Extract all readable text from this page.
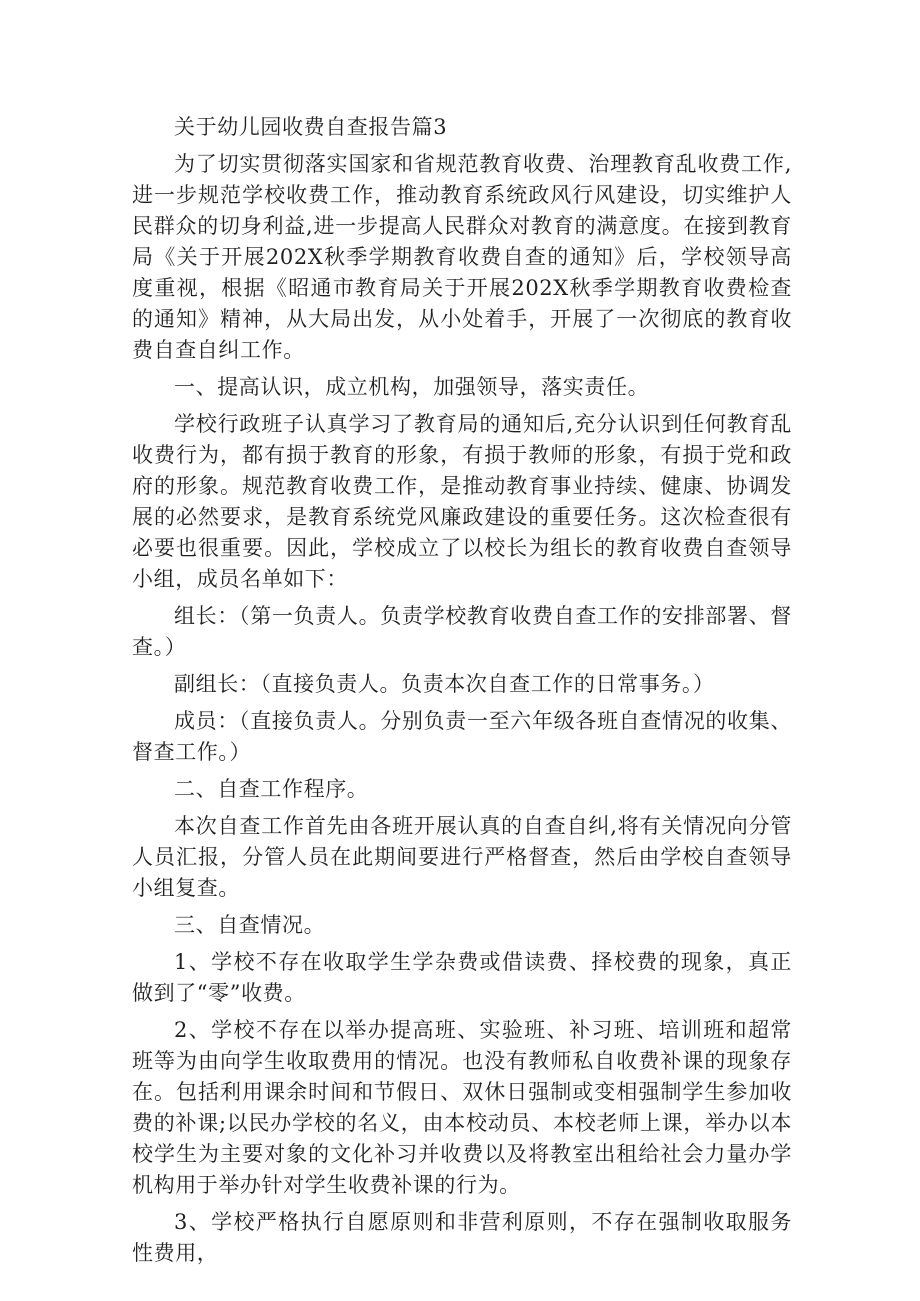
关于幼儿园收费自查报告篇3

为了切实贯彻落实国家和省规范教育收费、治理教育乱收费工作,进一步规范学校收费工作，推动教育系统政风行风建设，切实维护人民群众的切身利益,进一步提高人民群众对教育的满意度。在接到教育局《关于开展202X秋季学期教育收费自查的通知》后，学校领导高度重视，根据《昭通市教育局关于开展202X秋季学期教育收费检查的通知》精神，从大局出发，从小处着手，开展了一次彻底的教育收费自查自纠工作。

一、提高认识，成立机构，加强领导，落实责任。

学校行政班子认真学习了教育局的通知后,充分认识到任何教育乱收费行为，都有损于教育的形象，有损于教师的形象，有损于党和政府的形象。规范教育收费工作，是推动教育事业持续、健康、协调发展的必然要求，是教育系统党风廉政建设的重要任务。这次检查很有必要也很重要。因此，学校成立了以校长为组长的教育收费自查领导小组，成员名单如下：

组长：（第一负责人。负责学校教育收费自查工作的安排部署、督查。）

副组长：（直接负责人。负责本次自查工作的日常事务。）

成员：（直接负责人。分别负责一至六年级各班自查情况的收集、督查工作。）

二、自查工作程序。

本次自查工作首先由各班开展认真的自查自纠,将有关情况向分管人员汇报，分管人员在此期间要进行严格督查，然后由学校自查领导小组复查。

三、自查情况。

1、学校不存在收取学生学杂费或借读费、择校费的现象，真正做到了“零”收费。

2、学校不存在以举办提高班、实验班、补习班、培训班和超常班等为由向学生收取费用的情况。也没有教师私自收费补课的现象存在。包括利用课余时间和节假日、双休日强制或变相强制学生参加收费的补课;以民办学校的名义，由本校动员、本校老师上课，举办以本校学生为主要对象的文化补习并收费以及将教室出租给社会力量办学机构用于举办针对学生收费补课的行为。

3、学校严格执行自愿原则和非营利原则，不存在强制收取服务性费用，
